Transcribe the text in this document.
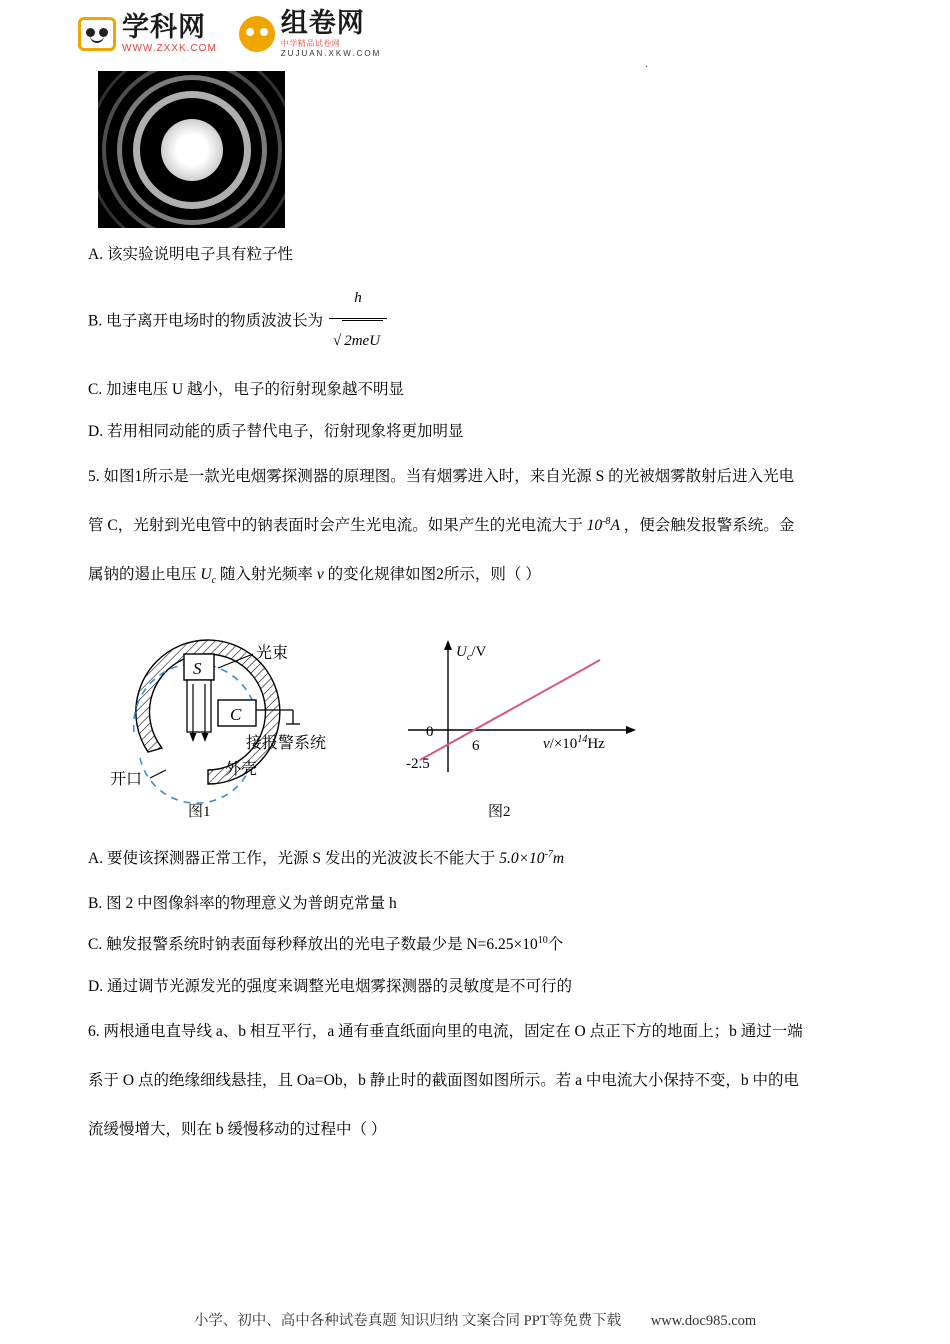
学科网
WWW.ZXXK.COM
组卷网
中学精品试卷网
ZUJUAN.XKW.COM
.

A. 该实验说明电子具有粒子性

B. 电子离开电场时的物质波波长为 $\frac{h}{\text{√ 2meU}}$

C. 加速电压 U 越小，电子的衍射现象越不明显

D. 若用相同动能的质子替代电子，衍射现象将更加明显

5. 如图1所示是一款光电烟雾探测器的原理图。当有烟雾进入时，来自光源 S 的光被烟雾散射后进入光电

管 C，光射到光电管中的钠表面时会产生光电流。如果产生的光电流大于 $10^{-8}A$ ，便会触发报警系统。金

属钠的遏止电压 $U_c$ 随入射光频率 ν 的变化规律如图2所示，则（ ）

S
光束
C
接报警系统
外壳
开口
$U_c/V$
$\nu/\times 10^{14}Hz$
0
6
-2.5
图1	图2

A. 要使该探测器正常工作，光源 S 发出的光波波长不能大于 $5.0\times 10^{-7}m$

B. 图 2 中图像斜率的物理意义为普朗克常量 h

C. 触发报警系统时钠表面每秒释放出的光电子数最少是 $N=6.25\times 10^{10}$个

D. 通过调节光源发光的强度来调整光电烟雾探测器的灵敏度是不可行的

6. 两根通电直导线 a、b 相互平行，a 通有垂直纸面向里的电流，固定在 O 点正下方的地面上；b 通过一端

系于 O 点的绝缘细线悬挂，且 Oa=Ob，b 静止时的截面图如图所示。若 a 中电流大小保持不变，b 中的电

流缓慢增大，则在 b 缓慢移动的过程中（ ）

小学、初中、高中各种试卷真题 知识归纳 文案合同 PPT等免费下载 www.doc985.com
